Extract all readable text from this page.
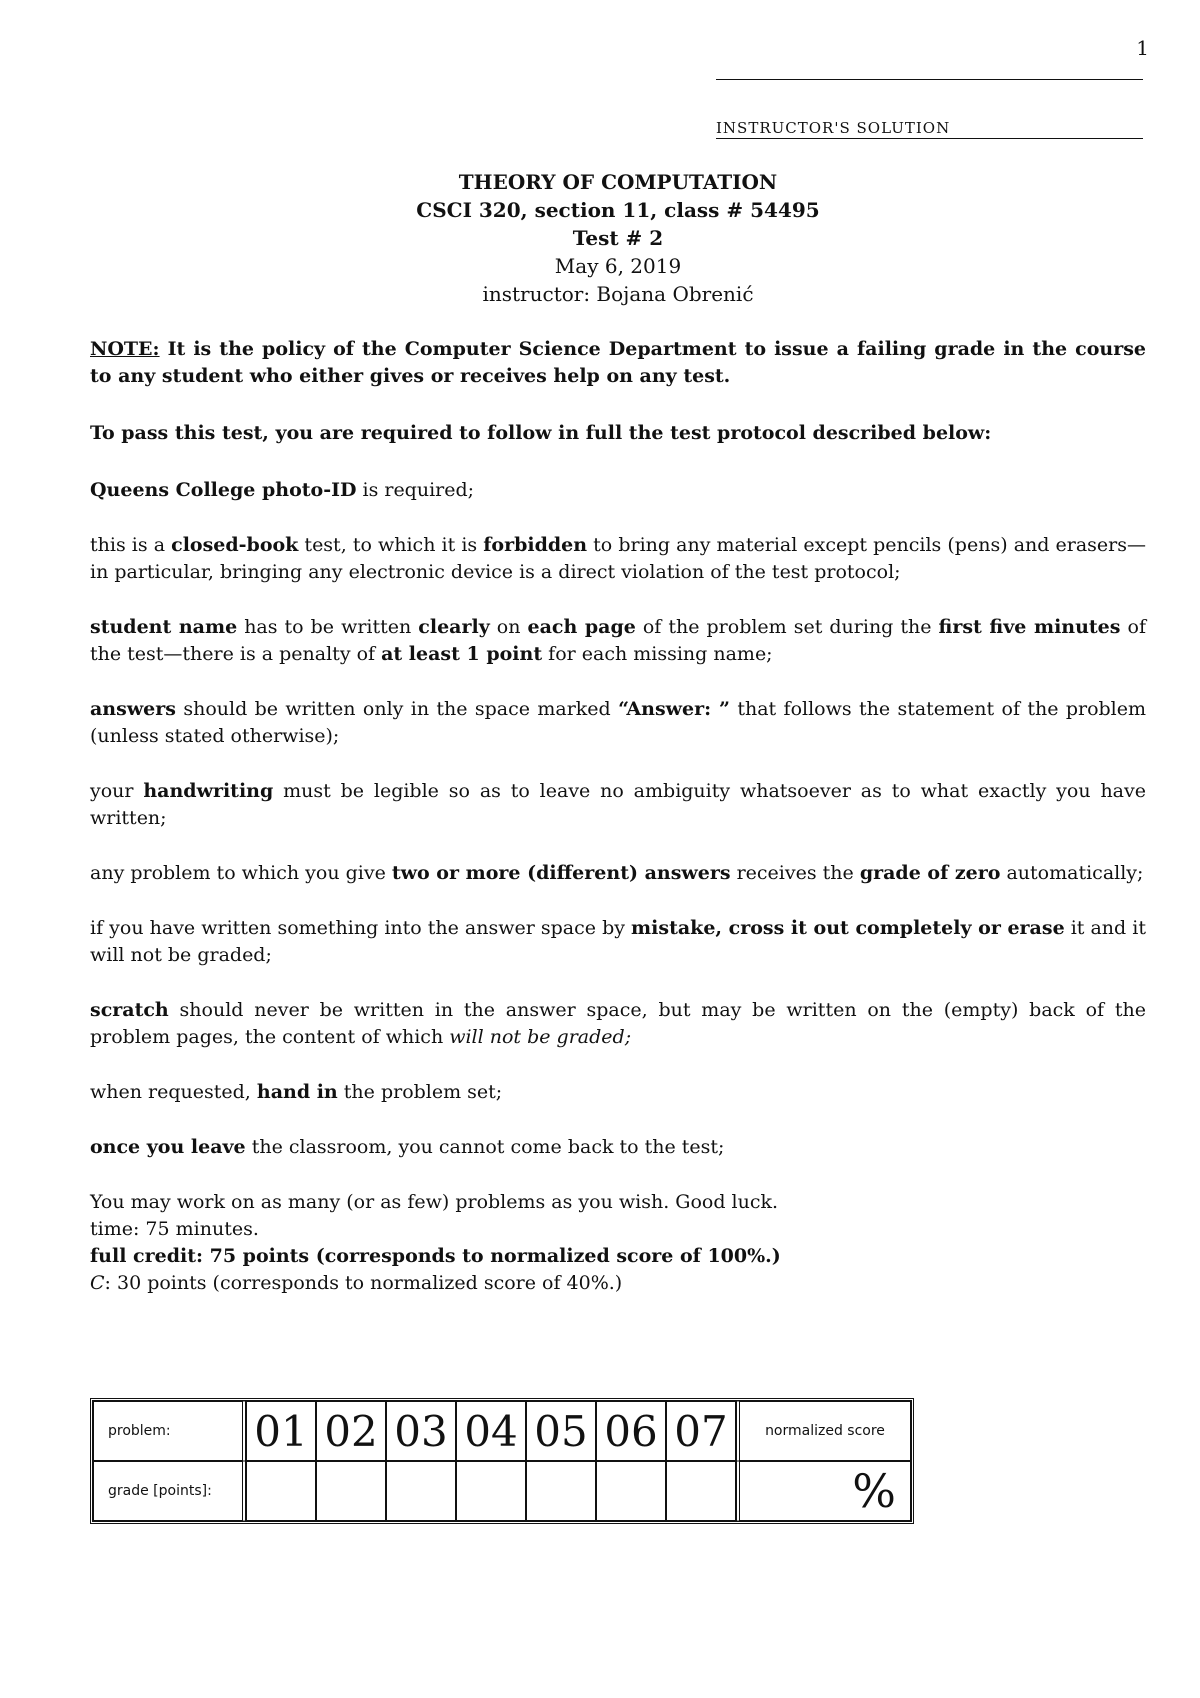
1
INSTRUCTOR'S SOLUTION
THEORY OF COMPUTATION
CSCI 320, section 11, class # 54495
Test # 2
May 6, 2019
instructor: Bojana Obrenić

NOTE: It is the policy of the Computer Science Department to issue a failing grade in the course to any student who either gives or receives help on any test.

To pass this test, you are required to follow in full the test protocol described below:

Queens College photo-ID is required;

this is a closed-book test, to which it is forbidden to bring any material except pencils (pens) and erasers—in particular, bringing any electronic device is a direct violation of the test protocol;

student name has to be written clearly on each page of the problem set during the first five minutes of the test—there is a penalty of at least 1 point for each missing name;

answers should be written only in the space marked “Answer: ” that follows the statement of the problem (unless stated otherwise);

your handwriting must be legible so as to leave no ambiguity whatsoever as to what exactly you have written;

any problem to which you give two or more (different) answers receives the grade of zero automatically;

if you have written something into the answer space by mistake, cross it out completely or erase it and it will not be graded;

scratch should never be written in the answer space, but may be written on the (empty) back of the problem pages, the content of which will not be graded;

when requested, hand in the problem set;

once you leave the classroom, you cannot come back to the test;

You may work on as many (or as few) problems as you wish. Good luck.

time: 75 minutes.

full credit: 75 points (corresponds to normalized score of 100%.)

C: 30 points (corresponds to normalized score of 40%.)

problem:	01	02	03	04	05	06	07	normalized score
grade [points]:								%
